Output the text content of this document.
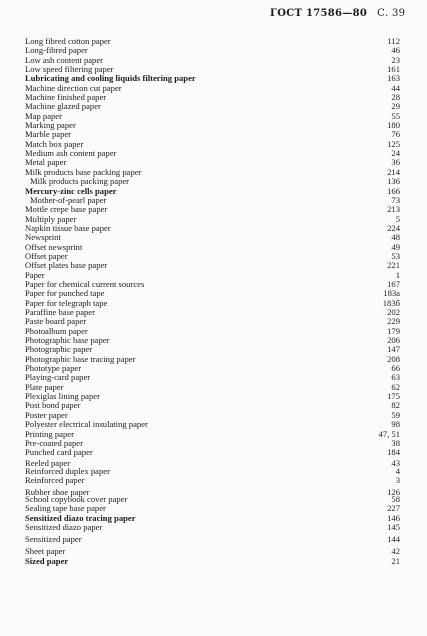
ГОСТ 17586—80 С. 39
Long fibred cotton paper	112
Long-fibred paper	46
Low ash content paper	23
Low speed filtering paper	161
Lubricating and cooling liquids filtering paper	163
Machine direction cut paper	44
Machine finished paper	28
Machine glazed paper	29
Map paper	55
Marking paper	180
Marble paper	76
Match box paper	125
Medium ash content paper	24
Metal paper	36
Milk products base packing paper	214
Milk products packing paper	136
Mercury-zinc cells paper	166
Mother-of-pearl paper	73
Mottle crepe base paper	213
Multiply paper	5
Napkin tissue base paper	224
Newsprint	48
Offset newsprint	49
Offset paper	53
Offset plates base paper	221
Paper	1
Paper for chemical current sources	167
Paper for punched tape	183а
Paper for telegraph tape	183б
Paraffine base paper	202
Paste board paper	229
Photoalbum paper	179
Photographic base paper	206
Photographic paper	147
Photographic base tracing paper	208
Phototype paper	66
Playing-card paper	63
Plate paper	62
Plexiglas lining paper	175
Post bond paper	82
Poster paper	59
Polyester electrical insulating paper	98
Printing paper	47, 51
Pre-coated paper	38
Punched card paper	184
Reeled paper	43
Reinforced duplex paper	4
Reinforced paper	3
Rubber shoe paper	126
School copybook cover paper	58
Sealing tape base paper	227
Sensitized diazo tracing paper	146
Sensitized diazo paper	145
Sensitized paper	144
Sheet paper	42
Sized paper	21
